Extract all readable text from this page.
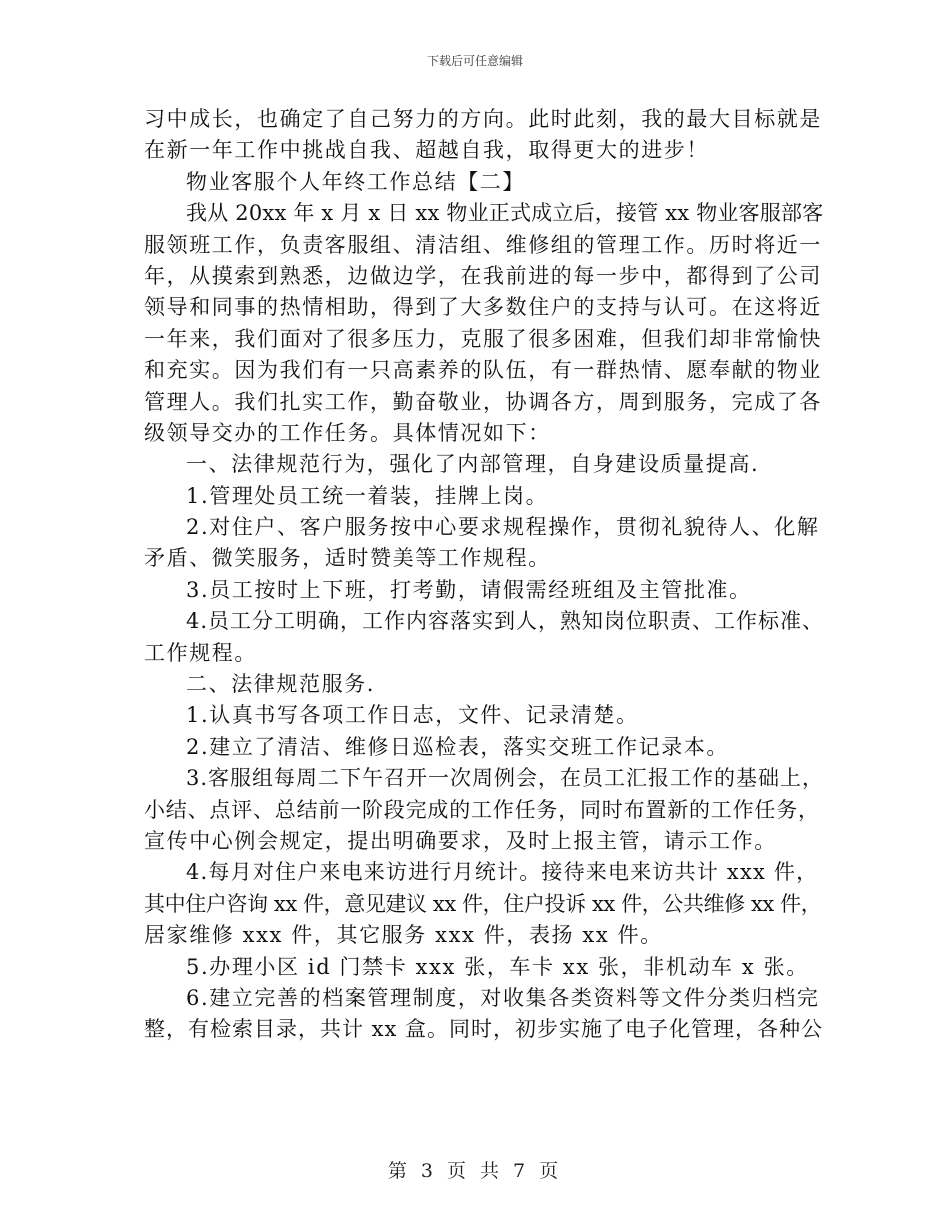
下载后可任意编辑
习中成长，也确定了自己努力的方向。此时此刻，我的最大目标就是
在新一年工作中挑战自我、超越自我，取得更大的进步！
物业客服个人年终工作总结【二】
我从 20xx 年 x 月 x 日 xx 物业正式成立后，接管 xx 物业客服部客
服领班工作，负责客服组、清洁组、维修组的管理工作。历时将近一
年，从摸索到熟悉，边做边学，在我前进的每一步中，都得到了公司
领导和同事的热情相助，得到了大多数住户的支持与认可。在这将近
一年来，我们面对了很多压力，克服了很多困难，但我们却非常愉快
和充实。因为我们有一只高素养的队伍，有一群热情、愿奉献的物业
管理人。我们扎实工作，勤奋敬业，协调各方，周到服务，完成了各
级领导交办的工作任务。具体情况如下：
一、法律规范行为，强化了内部管理，自身建设质量提高.
1.管理处员工统一着装，挂牌上岗。
2.对住户、客户服务按中心要求规程操作，贯彻礼貌待人、化解
矛盾、微笑服务，适时赞美等工作规程。
3.员工按时上下班，打考勤，请假需经班组及主管批准。
4.员工分工明确，工作内容落实到人，熟知岗位职责、工作标准、
工作规程。
二、法律规范服务.
1.认真书写各项工作日志，文件、记录清楚。
2.建立了清洁、维修日巡检表，落实交班工作记录本。
3.客服组每周二下午召开一次周例会，在员工汇报工作的基础上，
小结、点评、总结前一阶段完成的工作任务，同时布置新的工作任务，
宣传中心例会规定，提出明确要求，及时上报主管，请示工作。
4.每月对住户来电来访进行月统计。接待来电来访共计 xxx 件，
其中住户咨询 xx 件，意见建议 xx 件，住户投诉 xx 件，公共维修 xx 件，
居家维修 xxx 件，其它服务 xxx 件，表扬 xx 件。
5.办理小区 id 门禁卡 xxx 张，车卡 xx 张，非机动车 x 张。
6.建立完善的档案管理制度，对收集各类资料等文件分类归档完
整，有检索目录，共计 xx 盒。同时，初步实施了电子化管理，各种公
第 3 页 共 7 页
